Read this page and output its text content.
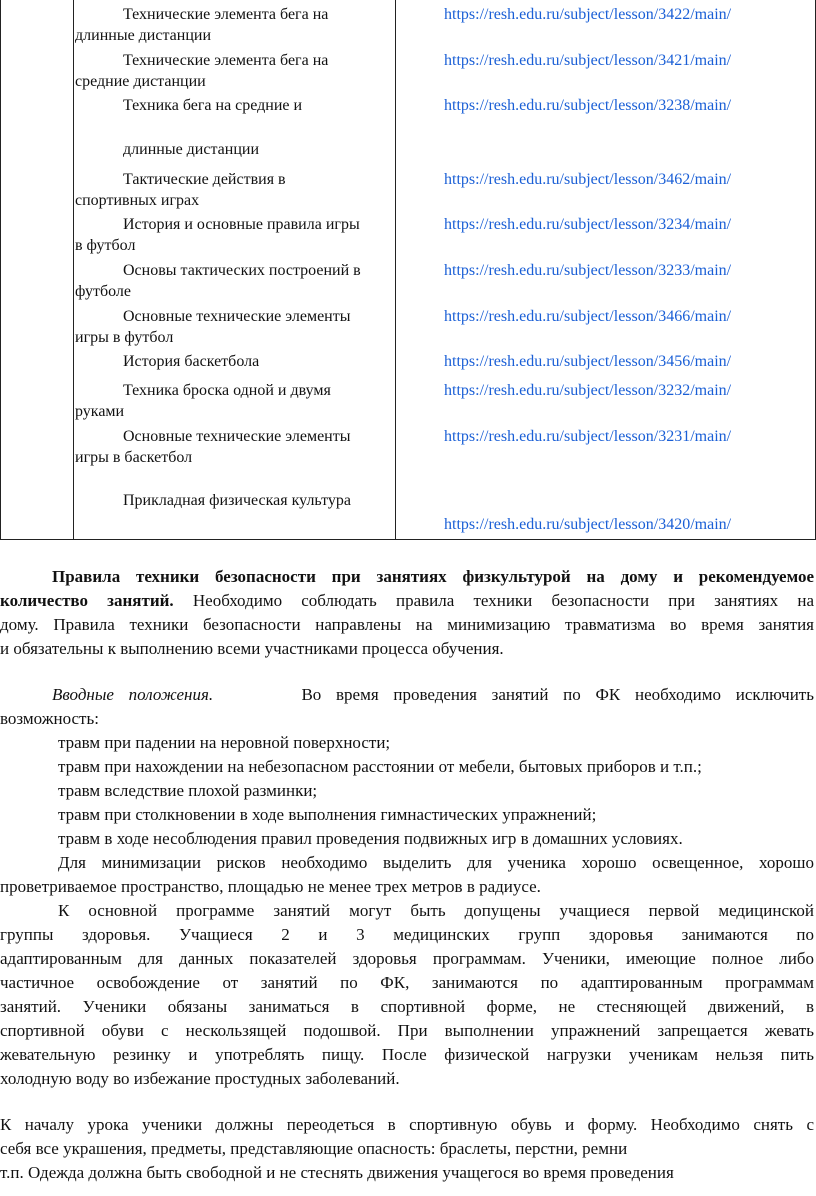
Технические элемента бега на
длинные дистанции
https://resh.edu.ru/subject/lesson/3422/main/
Технические элемента бега на
средние дистанции
https://resh.edu.ru/subject/lesson/3421/main/
Техника бега на средние и
длинные дистанции
https://resh.edu.ru/subject/lesson/3238/main/
Тактические действия в
спортивных играх
https://resh.edu.ru/subject/lesson/3462/main/
История и основные правила игры
в футбол
https://resh.edu.ru/subject/lesson/3234/main/
Основы тактических построений в
футболе
https://resh.edu.ru/subject/lesson/3233/main/
Основные технические элементы
игры в футбол
https://resh.edu.ru/subject/lesson/3466/main/
История баскетбола	https://resh.edu.ru/subject/lesson/3456/main/
Техника броска одной и двумя
руками
https://resh.edu.ru/subject/lesson/3232/main/
Основные технические элементы
игры в баскетбол
https://resh.edu.ru/subject/lesson/3231/main/
Прикладная физическая культура
https://resh.edu.ru/subject/lesson/3420/main/
Правила техники безопасности при занятиях физкультурой на дому и рекомендуемое
количество занятий. Необходимо соблюдать правила техники безопасности при занятиях на
дому. Правила техники безопасности направлены на минимизацию травматизма во время занятия
и обязательны к выполнению всеми участниками процесса обучения.
Вводные положения.	Во время проведения занятий по ФК необходимо исключить
возможность:
травм при падении на неровной поверхности;
травм при нахождении на небезопасном расстоянии от мебели, бытовых приборов и т.п.;
травм вследствие плохой разминки;
травм при столкновении в ходе выполнения гимнастических упражнений;
травм в ходе несоблюдения правил проведения подвижных игр в домашних условиях.
Для минимизации рисков необходимо выделить для ученика хорошо освещенное, хорошо
проветриваемое пространство, площадью не менее трех метров в радиусе.
К основной программе занятий могут быть допущены учащиеся первой медицинской
группы здоровья. Учащиеся 2 и 3 медицинских групп здоровья занимаются по
адаптированным для данных показателей здоровья программам. Ученики, имеющие полное либо
частичное освобождение от занятий по ФК, занимаются по адаптированным программам
занятий. Ученики обязаны заниматься в спортивной форме, не стесняющей движений, в
спортивной обуви с нескользящей подошвой. При выполнении упражнений запрещается жевать
жевательную резинку и употреблять пищу. После физической нагрузки ученикам нельзя пить
холодную воду во избежание простудных заболеваний.
К началу урока ученики должны переодеться в спортивную обувь и форму. Необходимо снять с
себя все украшения, предметы, представляющие опасность: браслеты, перстни, ремни
т.п. Одежда должна быть свободной и не стеснять движения учащегося во время проведения
